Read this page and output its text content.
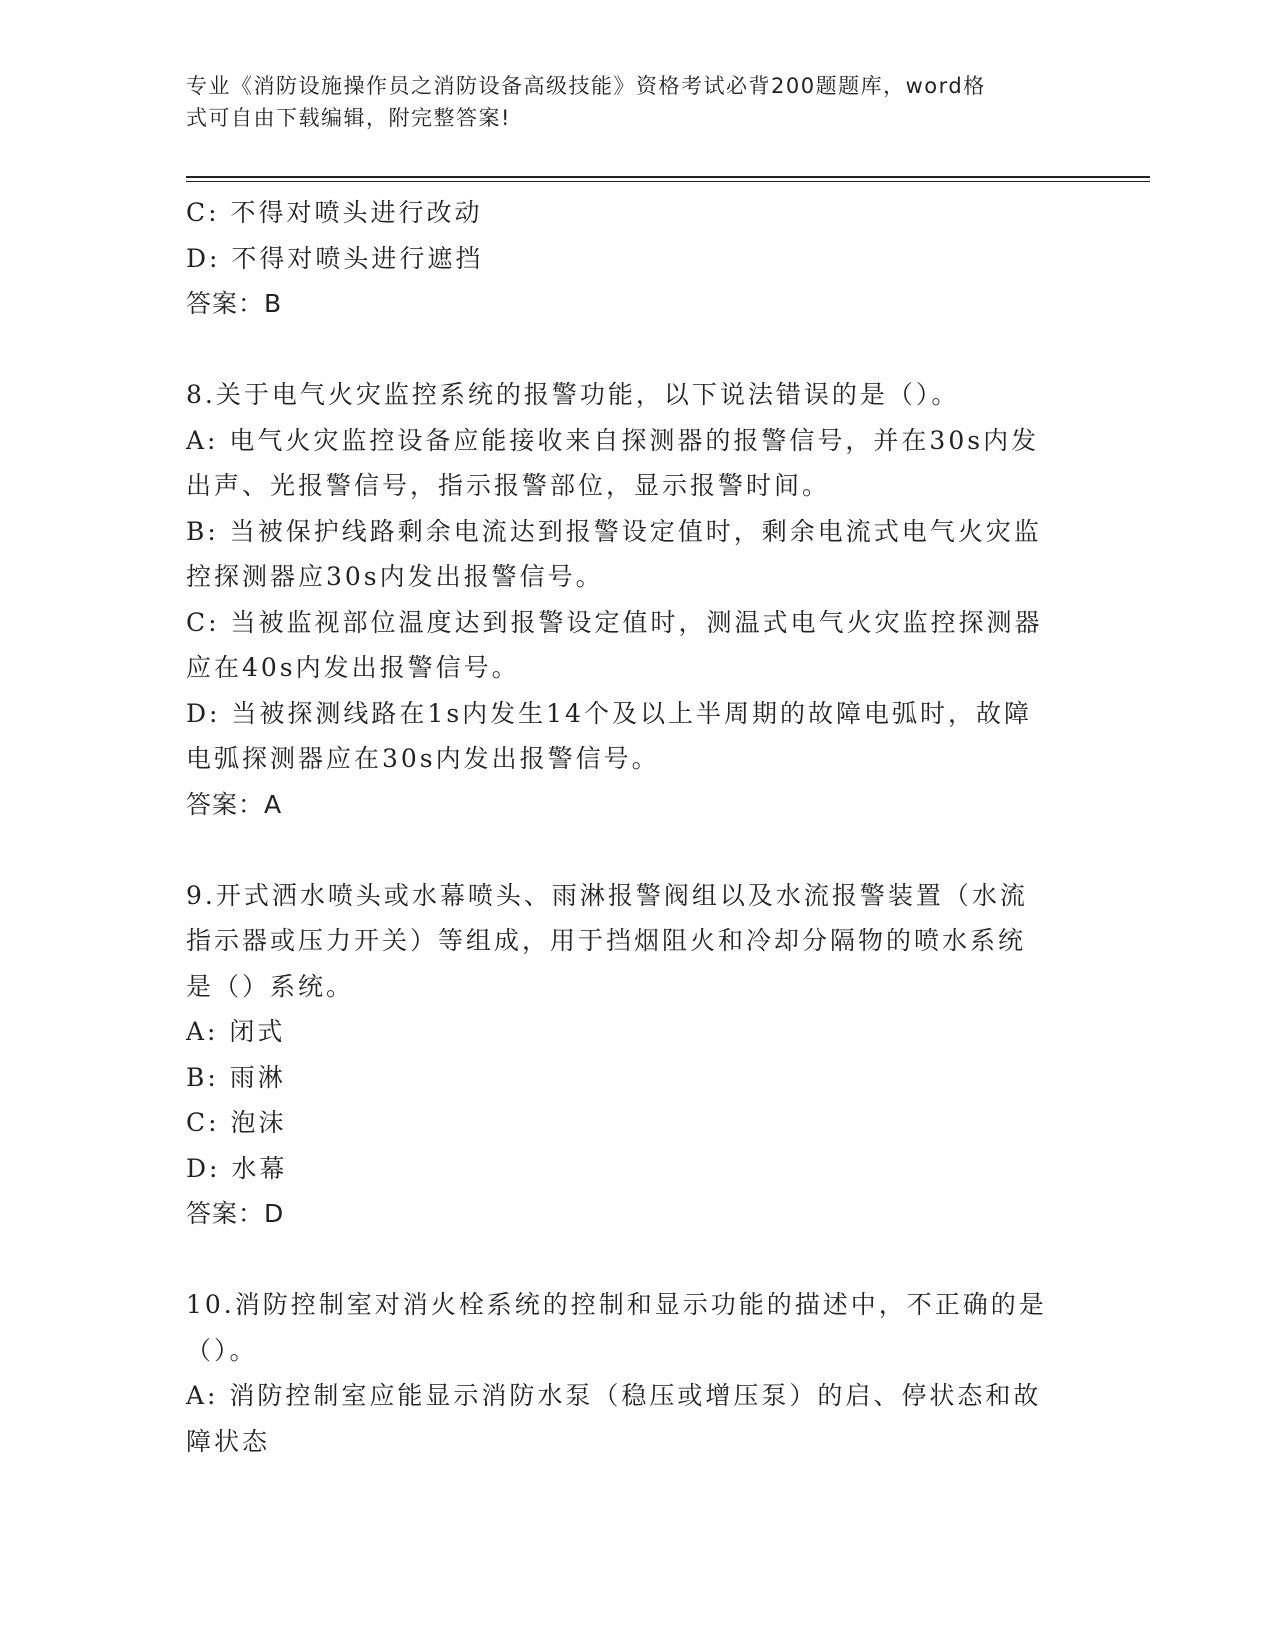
专业《消防设施操作员之消防设备高级技能》资格考试必背200题题库，word格
式可自由下载编辑，附完整答案!
C: 不得对喷头进行改动
D: 不得对喷头进行遮挡
答案：B
8.关于电气火灾监控系统的报警功能，以下说法错误的是（）。
A: 电气火灾监控设备应能接收来自探测器的报警信号，并在30s内发
出声、光报警信号，指示报警部位，显示报警时间。
B: 当被保护线路剩余电流达到报警设定值时，剩余电流式电气火灾监
控探测器应30s内发出报警信号。
C: 当被监视部位温度达到报警设定值时，测温式电气火灾监控探测器
应在40s内发出报警信号。
D: 当被探测线路在1s内发生14个及以上半周期的故障电弧时，故障
电弧探测器应在30s内发出报警信号。
答案：A
9.开式洒水喷头或水幕喷头、雨淋报警阀组以及水流报警装置（水流
指示器或压力开关）等组成，用于挡烟阻火和冷却分隔物的喷水系统
是（）系统。
A: 闭式
B: 雨淋
C: 泡沫
D: 水幕
答案：D
10.消防控制室对消火栓系统的控制和显示功能的描述中，不正确的是
（）。
A: 消防控制室应能显示消防水泵（稳压或增压泵）的启、停状态和故
障状态
